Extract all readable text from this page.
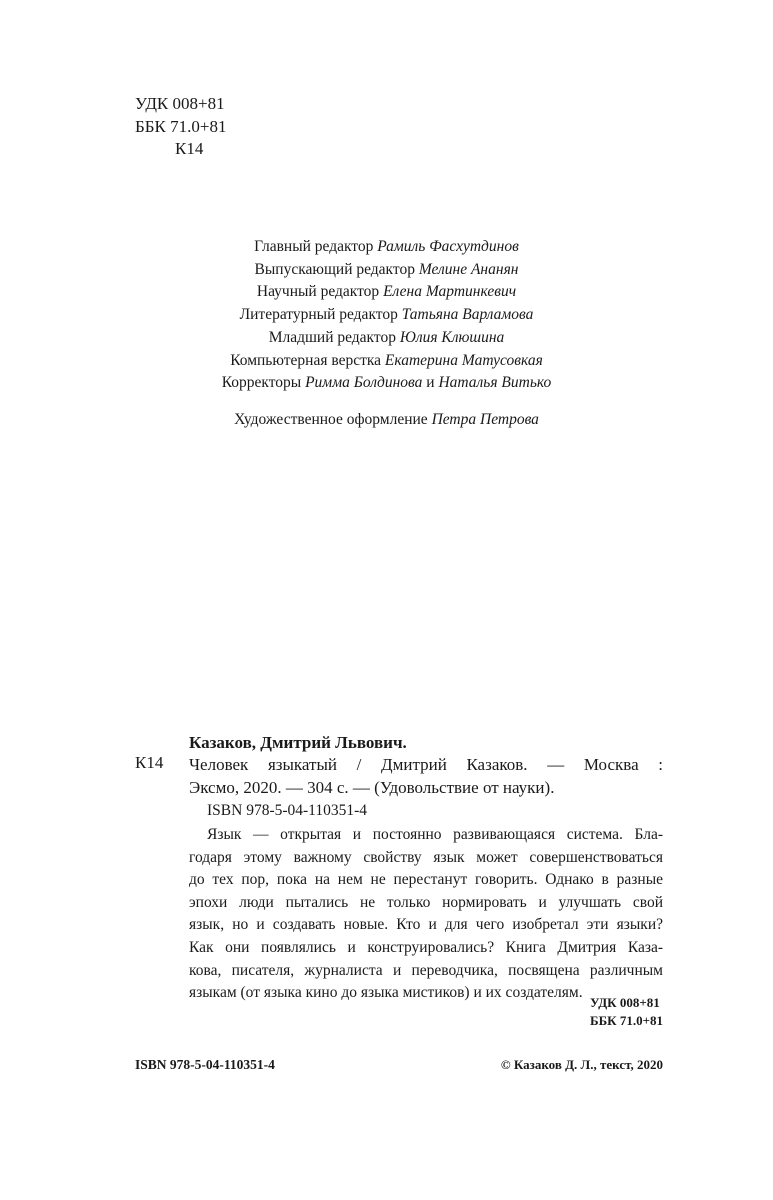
УДК 008+81
ББК 71.0+81
К14
Главный редактор Рамиль Фасхутдинов
Выпускающий редактор Мелине Ананян
Научный редактор Елена Мартинкевич
Литературный редактор Татьяна Варламова
Младший редактор Юлия Клюшина
Компьютерная верстка Екатерина Матусовкая
Корректоры Римма Болдинова и Наталья Витько
Художественное оформление Петра Петрова
Казаков, Дмитрий Львович.
К14 Человек языкатый / Дмитрий Казаков. — Москва :
Эксмо, 2020. — 304 с. — (Удовольствие от науки).
ISBN 978-5-04-110351-4
Язык — открытая и постоянно развивающаяся система. Бла-
годаря этому важному свойству язык может совершенствоваться
до тех пор, пока на нем не перестанут говорить. Однако в разные
эпохи люди пытались не только нормировать и улучшать свой
язык, но и создавать новые. Кто и для чего изобретал эти языки?
Как они появлялись и конструировались? Книга Дмитрия Каза-
кова, писателя, журналиста и переводчика, посвящена различным
языкам (от языка кино до языка мистиков) и их создателям.
УДК 008+81
ББК 71.0+81
ISBN 978-5-04-110351-4	© Казаков Д. Л., текст, 2020
